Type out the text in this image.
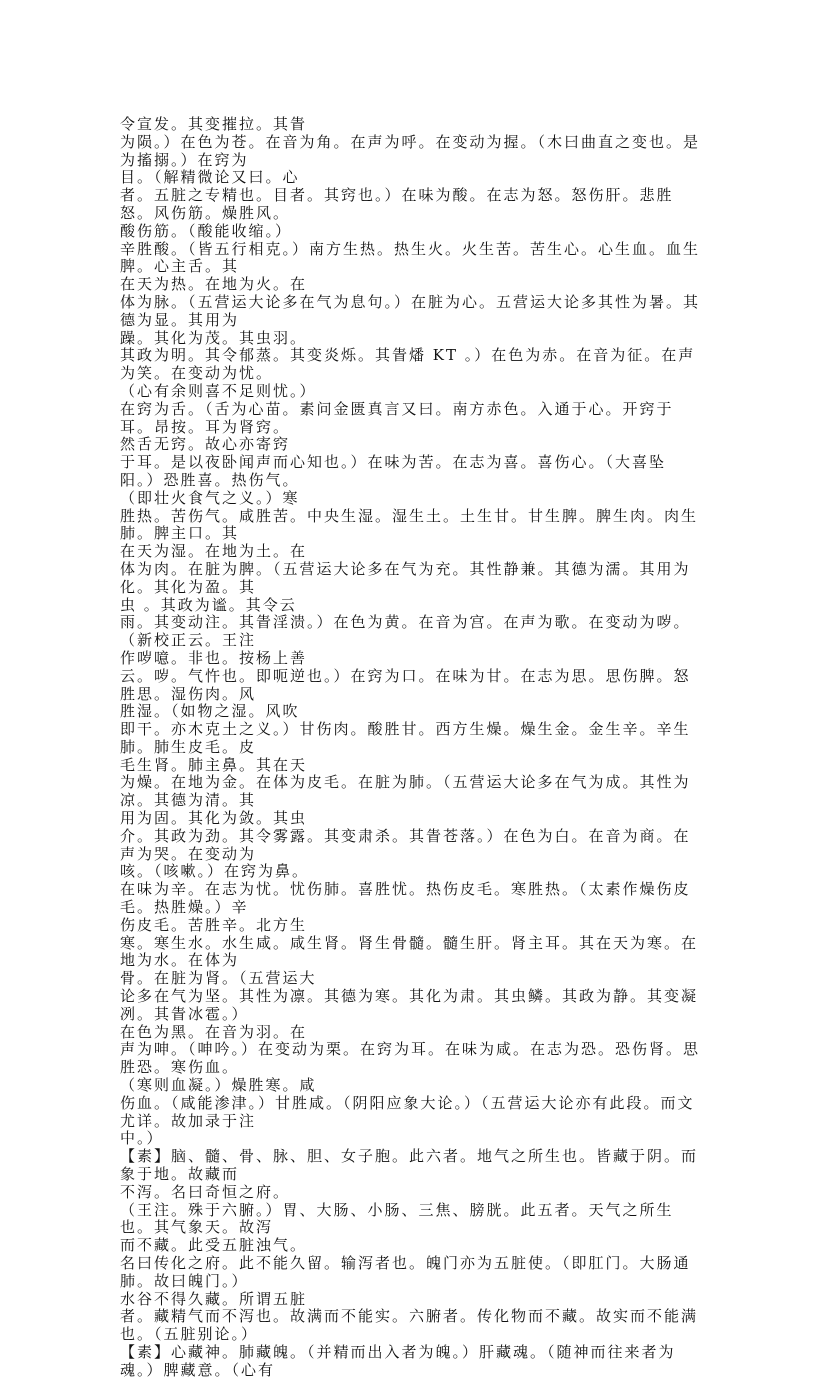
令宣发。其变摧拉。其眚
为陨。）在色为苍。在音为角。在声为呼。在变动为握。（木曰曲直之变也。是为搐搦。）在窍为
目。（解精微论又曰。心
者。五脏之专精也。目者。其窍也。）在味为酸。在志为怒。怒伤肝。悲胜怒。风伤筋。燥胜风。
酸伤筋。（酸能收缩。）
辛胜酸。（皆五行相克。）南方生热。热生火。火生苦。苦生心。心生血。血生脾。心主舌。其
在天为热。在地为火。在
体为脉。（五营运大论多在气为息句。）在脏为心。五营运大论多其性为暑。其德为显。其用为
躁。其化为茂。其虫羽。
其政为明。其令郁蒸。其变炎烁。其眚燔 KT 。）在色为赤。在音为征。在声为笑。在变动为忧。
（心有余则喜不足则忧。）
在窍为舌。（舌为心苗。素问金匮真言又曰。南方赤色。入通于心。开窍于耳。昂按。耳为肾窍。
然舌无窍。故心亦寄窍
于耳。是以夜卧闻声而心知也。）在味为苦。在志为喜。喜伤心。（大喜坠阳。）恐胜喜。热伤气。
（即壮火食气之义。）寒
胜热。苦伤气。咸胜苦。中央生湿。湿生土。土生甘。甘生脾。脾生肉。肉生肺。脾主口。其
在天为湿。在地为土。在
体为肉。在脏为脾。（五营运大论多在气为充。其性静兼。其德为濡。其用为化。其化为盈。其
虫 。其政为谧。其令云
雨。其变动注。其眚淫溃。）在色为黄。在音为宫。在声为歌。在变动为哕。（新校正云。王注
作哕噫。非也。按杨上善
云。哕。气忤也。即呃逆也。）在窍为口。在味为甘。在志为思。思伤脾。怒胜思。湿伤肉。风
胜湿。（如物之湿。风吹
即干。亦木克土之义。）甘伤肉。酸胜甘。西方生燥。燥生金。金生辛。辛生肺。肺生皮毛。皮
毛生肾。肺主鼻。其在天
为燥。在地为金。在体为皮毛。在脏为肺。（五营运大论多在气为成。其性为凉。其德为清。其
用为固。其化为敛。其虫
介。其政为劲。其令雾露。其变肃杀。其眚苍落。）在色为白。在音为商。在声为哭。在变动为
咳。（咳嗽。）在窍为鼻。
在味为辛。在志为忧。忧伤肺。喜胜忧。热伤皮毛。寒胜热。（太素作燥伤皮毛。热胜燥。）辛
伤皮毛。苦胜辛。北方生
寒。寒生水。水生咸。咸生肾。肾生骨髓。髓生肝。肾主耳。其在天为寒。在地为水。在体为
骨。在脏为肾。（五营运大
论多在气为坚。其性为凛。其德为寒。其化为肃。其虫鳞。其政为静。其变凝冽。其眚冰雹。）
在色为黑。在音为羽。在
声为呻。（呻吟。）在变动为栗。在窍为耳。在味为咸。在志为恐。恐伤肾。思胜恐。寒伤血。
（寒则血凝。）燥胜寒。咸
伤血。（咸能渗津。）甘胜咸。（阴阳应象大论。）（五营运大论亦有此段。而文尤详。故加录于注
中。）
【素】脑、髓、骨、脉、胆、女子胞。此六者。地气之所生也。皆藏于阴。而象于地。故藏而
不泻。名曰奇恒之府。
（王注。殊于六腑。）胃、大肠、小肠、三焦、膀胱。此五者。天气之所生也。其气象天。故泻
而不藏。此受五脏浊气。
名曰传化之府。此不能久留。输泻者也。魄门亦为五脏使。（即肛门。大肠通肺。故曰魄门。）
水谷不得久藏。所谓五脏
者。藏精气而不泻也。故满而不能实。六腑者。传化物而不藏。故实而不能满也。（五脏别论。）
【素】心藏神。肺藏魄。（并精而出入者为魄。）肝藏魂。（随神而往来者为魂。）脾藏意。（心有
